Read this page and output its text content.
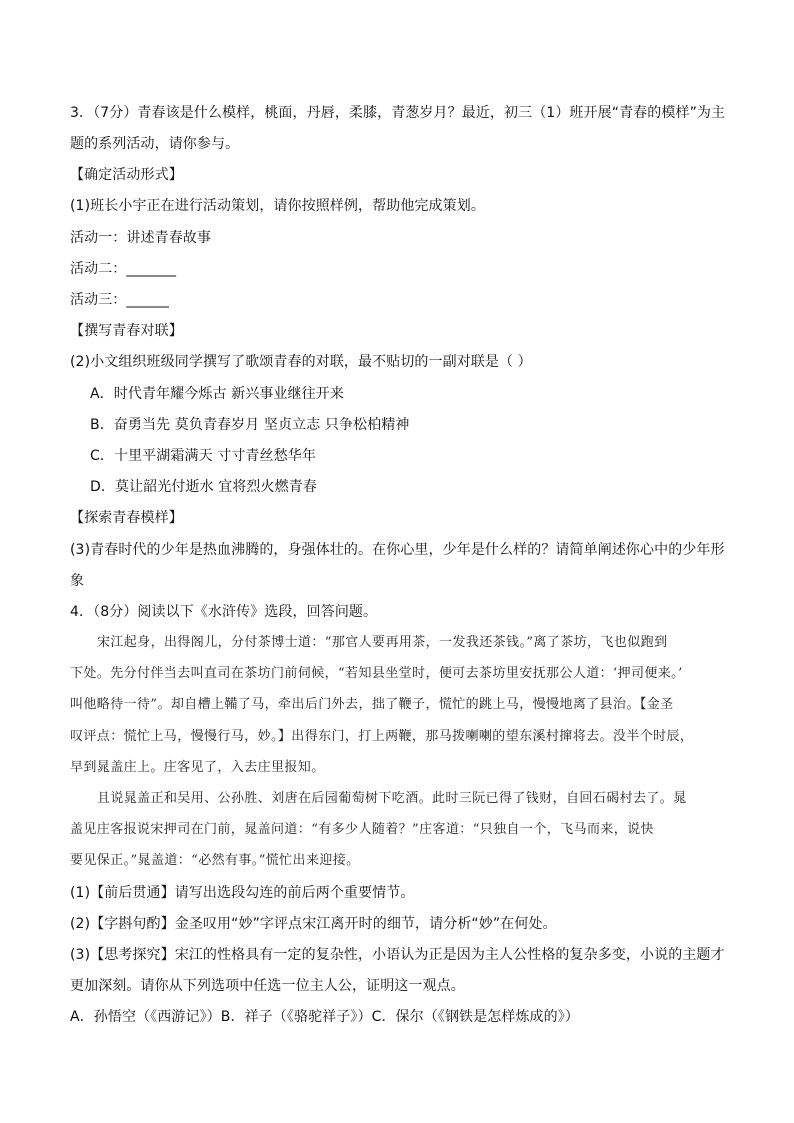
3．（7分）青春该是什么模样，桃面，丹唇，柔膝，青葱岁月？最近，初三（1）班开展“青春的模样”为主
题的系列活动，请你参与。
【确定活动形式】
(1)班长小宇正在进行活动策划，请你按照样例，帮助他完成策划。
活动一：讲述青春故事
活动二：_______
活动三：______
【撰写青春对联】
(2)小文组织班级同学撰写了歌颂青春的对联，最不贴切的一副对联是（ ）
A．时代青年耀今烁古 新兴事业继往开来
B．奋勇当先 莫负青春岁月 坚贞立志 只争松柏精神
C．十里平湖霜满天 寸寸青丝愁华年
D．莫让韶光付逝水 宜将烈火燃青春
【探索青春模样】
(3)青春时代的少年是热血沸腾的，身强体壮的。在你心里，少年是什么样的？请简单阐述你心中的少年形
象
4．（8分）阅读以下《水浒传》选段，回答问题。
宋江起身，出得阁儿，分付茶博士道：“那官人要再用茶，一发我还茶钱。”离了茶坊，飞也似跑到
下处。先分付伴当去叫直司在茶坊门前伺候，“若知县坐堂时，便可去茶坊里安抚那公人道：‘押司便来。’
叫他略待一待”。却自槽上鞴了马，牵出后门外去，拙了鞭子，慌忙的跳上马，慢慢地离了县治。【金圣
叹评点：慌忙上马，慢慢行马，妙。】出得东门，打上两鞭，那马拨喇喇的望东溪村撺将去。没半个时辰，
早到晁盖庄上。庄客见了，入去庄里报知。
且说晁盖正和吴用、公孙胜、刘唐在后园葡萄树下吃酒。此时三阮已得了钱财，自回石碣村去了。晁
盖见庄客报说宋押司在门前，晁盖问道：“有多少人随着？”庄客道：“只独自一个，飞马而来，说快
要见保正。”晁盖道：“必然有事。”慌忙出来迎接。
(1)【前后贯通】请写出选段勾连的前后两个重要情节。
(2)【字斟句酌】金圣叹用“妙”字评点宋江离开时的细节，请分析“妙”在何处。
(3)【思考探究】宋江的性格具有一定的复杂性，小语认为正是因为主人公性格的复杂多变，小说的主题才
更加深刻。请你从下列选项中任选一位主人公，证明这一观点。
A．孙悟空（《西游记》）B．祥子（《骆驼祥子》）C．保尔（《钢铁是怎样炼成的》）
